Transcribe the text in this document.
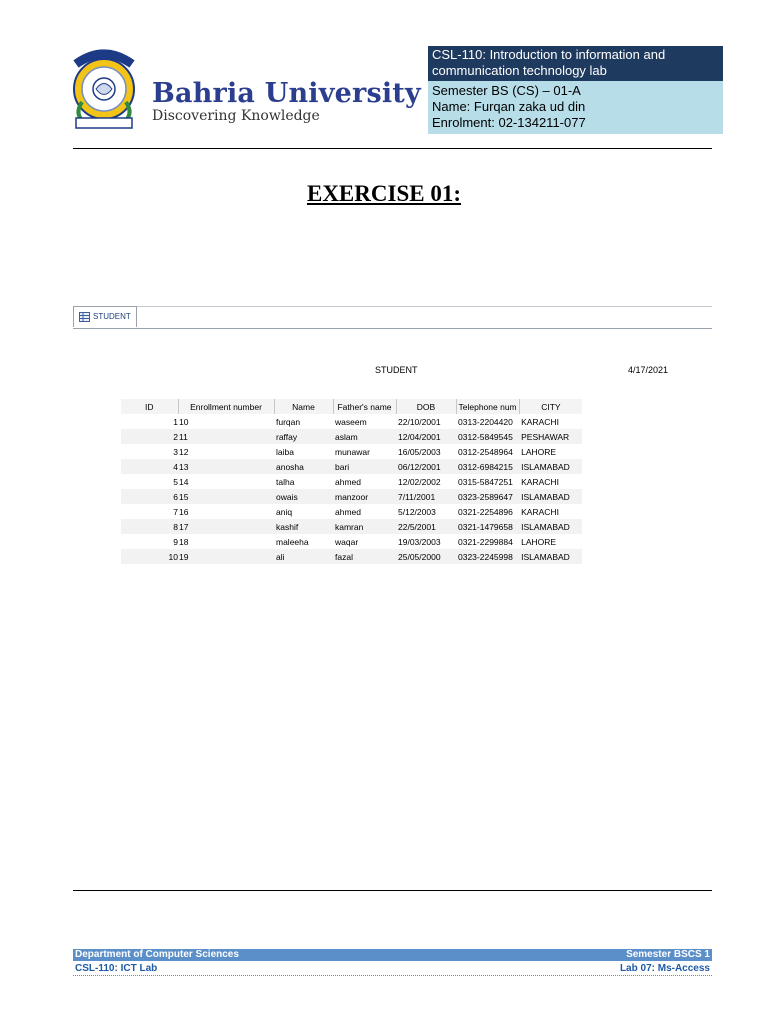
Bahria University
Discovering Knowledge
CSL-110: Introduction to information and communication technology lab
Semester BS (CS) – 01-A
Name: Furqan zaka ud din
Enrolment: 02-134211-077
EXERCISE 01:
STUDENT
STUDENT	4/17/2021
ID	Enrollment number	Name	Father's name	DOB	Telephone num	CITY
1	10	furqan	waseem	22/10/2001	0313-2204420	KARACHI
2	11	raffay	aslam	12/04/2001	0312-5849545	PESHAWAR
3	12	laiba	munawar	16/05/2003	0312-2548964	LAHORE
4	13	anosha	bari	06/12/2001	0312-6984215	ISLAMABAD
5	14	talha	ahmed	12/02/2002	0315-5847251	KARACHI
6	15	owais	manzoor	7/11/2001	0323-2589647	ISLAMABAD
7	16	aniq	ahmed	5/12/2003	0321-2254896	KARACHI
8	17	kashif	kamran	22/5/2001	0321-1479658	ISLAMABAD
9	18	maleeha	waqar	19/03/2003	0321-2299884	LAHORE
10	19	ali	fazal	25/05/2000	0323-2245998	ISLAMABAD
Department of Computer Sciences	Semester BSCS 1
CSL-110: ICT Lab	Lab 07: Ms-Access
